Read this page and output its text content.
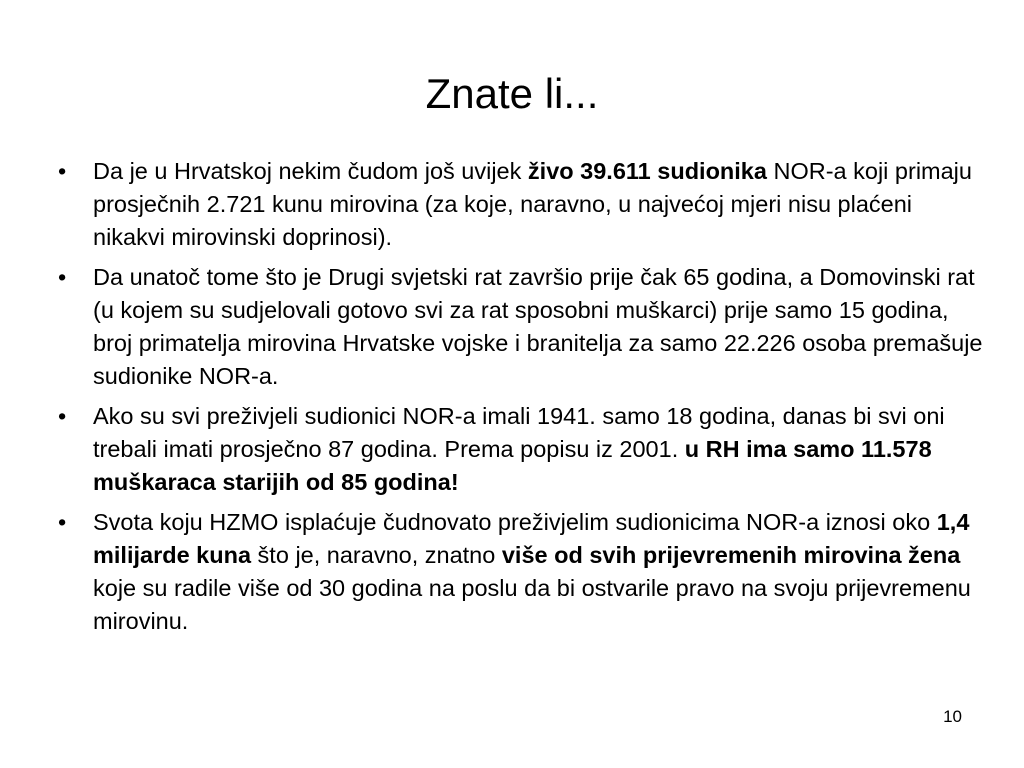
Znate li...
•	Da je u Hrvatskoj nekim čudom još uvijek živo 39.611 sudionika NOR-a koji primaju prosječnih 2.721 kunu mirovina (za koje, naravno, u najvećoj mjeri nisu plaćeni nikakvi mirovinski doprinosi).
•	Da unatoč tome što je Drugi svjetski rat završio prije čak 65 godina, a Domovinski rat (u kojem su sudjelovali gotovo svi za rat sposobni muškarci) prije samo 15 godina, broj primatelja mirovina Hrvatske vojske i branitelja za samo 22.226 osoba premašuje sudionike NOR-a.
•	Ako su svi preživjeli sudionici NOR-a imali 1941. samo 18 godina, danas bi svi oni trebali imati prosječno 87 godina. Prema popisu iz 2001. u RH ima samo 11.578 muškaraca starijih od 85 godina!
•	Svota koju HZMO isplaćuje čudnovato preživjelim sudionicima NOR-a iznosi oko 1,4 milijarde kuna što je, naravno, znatno više od svih prijevremenih mirovina žena koje su radile više od 30 godina na poslu da bi ostvarile pravo na svoju prijevremenu mirovinu.
10
